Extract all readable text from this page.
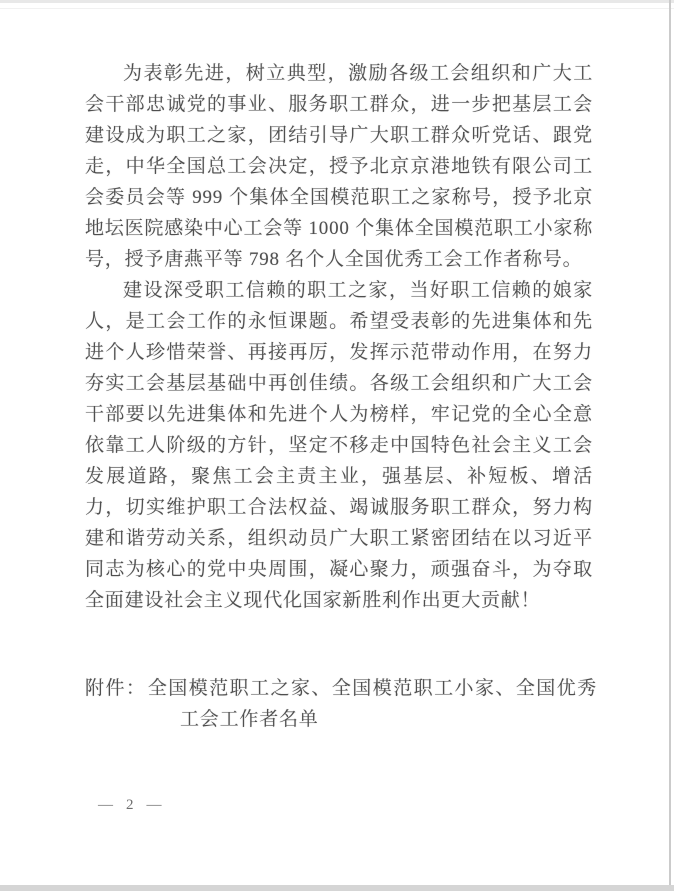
为表彰先进，树立典型，激励各级工会组织和广大工会干部忠诚党的事业、服务职工群众，进一步把基层工会建设成为职工之家，团结引导广大职工群众听党话、跟党走，中华全国总工会决定，授予北京京港地铁有限公司工会委员会等 999 个集体全国模范职工之家称号，授予北京地坛医院感染中心工会等 1000 个集体全国模范职工小家称号，授予唐燕平等 798 名个人全国优秀工会工作者称号。

建设深受职工信赖的职工之家，当好职工信赖的娘家人，是工会工作的永恒课题。希望受表彰的先进集体和先进个人珍惜荣誉、再接再厉，发挥示范带动作用，在努力夯实工会基层基础中再创佳绩。各级工会组织和广大工会干部要以先进集体和先进个人为榜样，牢记党的全心全意依靠工人阶级的方针，坚定不移走中国特色社会主义工会发展道路，聚焦工会主责主业，强基层、补短板、增活力，切实维护职工合法权益、竭诚服务职工群众，努力构建和谐劳动关系，组织动员广大职工紧密团结在以习近平同志为核心的党中央周围，凝心聚力，顽强奋斗，为夺取全面建设社会主义现代化国家新胜利作出更大贡献！

附件：全国模范职工之家、全国模范职工小家、全国优秀工会工作者名单
— 2 —
